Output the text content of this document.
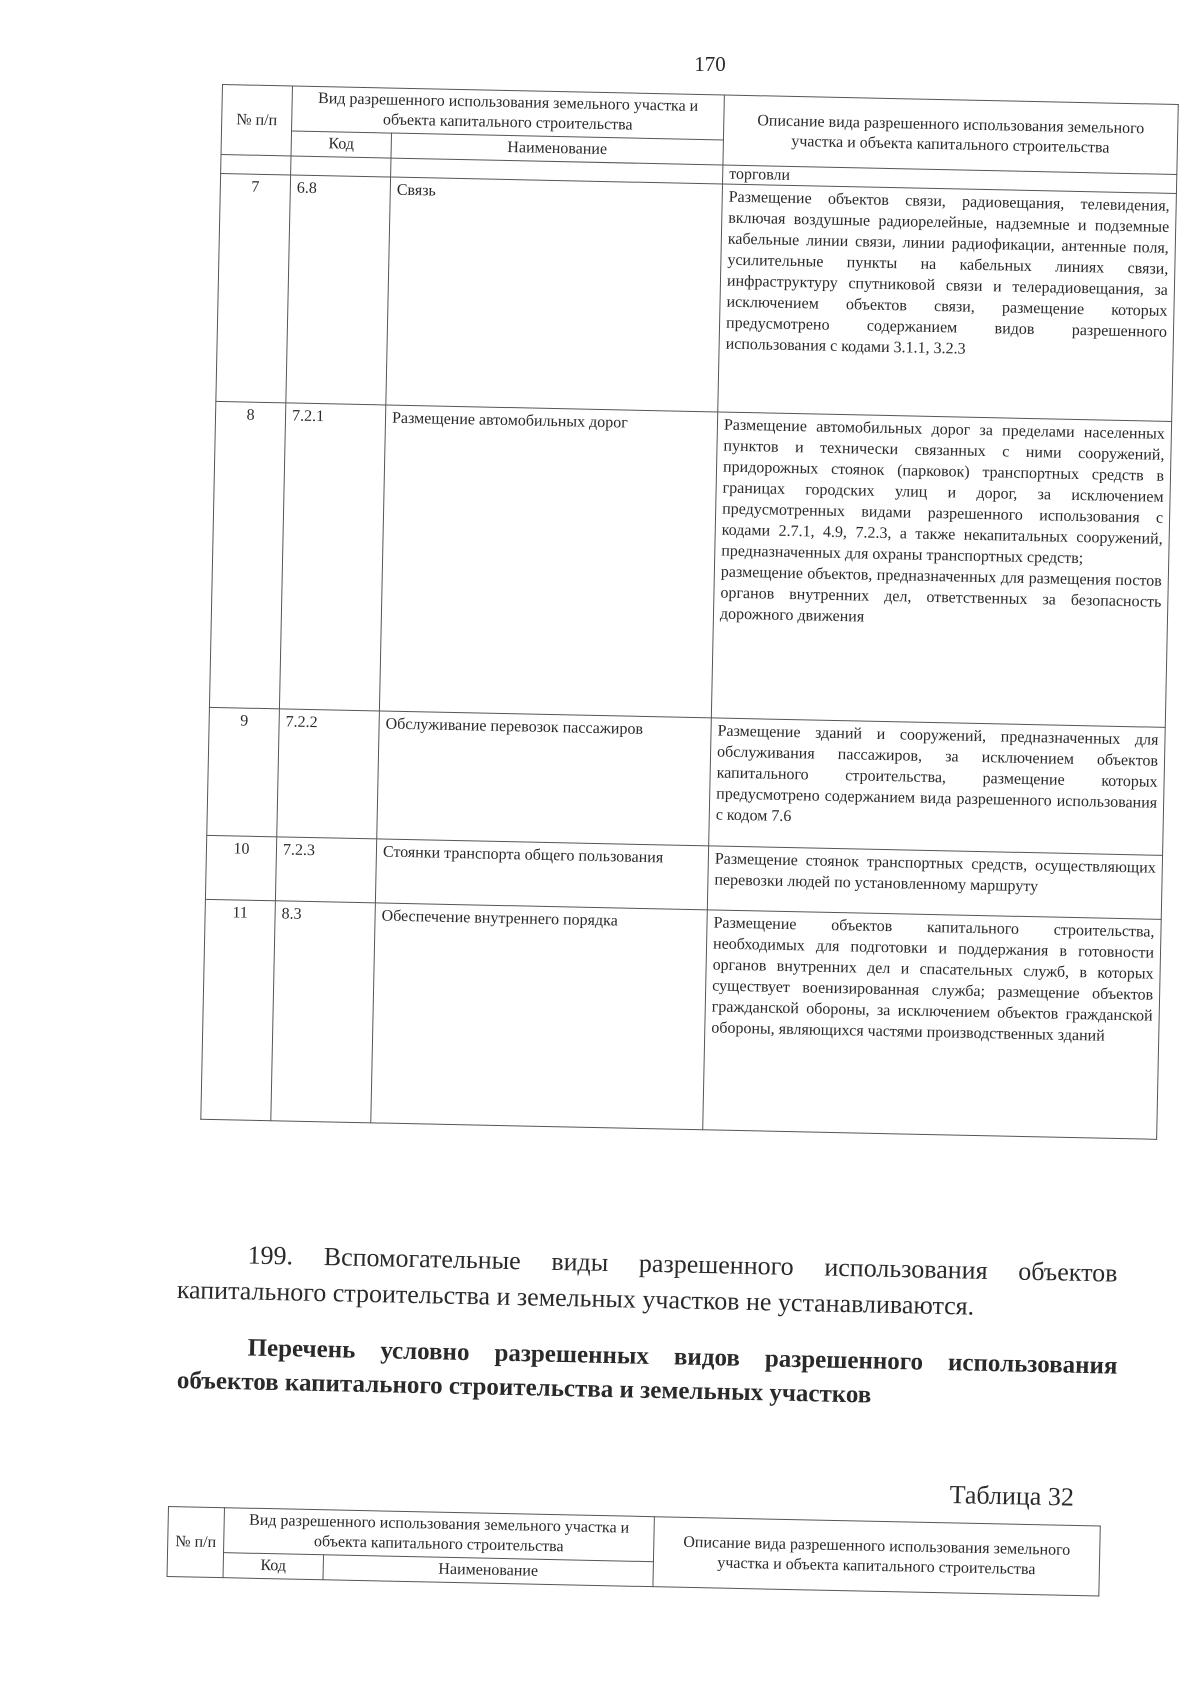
170
№ п/п	Вид разрешенного использования земельного участка и объекта капитального строительства		Описание вида разрешенного использования земельного участка и объекта капитального строительства
	Код	Наименование	
			торговли
7	6.8	Связь	Размещение объектов связи, радиовещания, телевидения, включая воздушные радиорелейные, надземные и подземные кабельные линии связи, линии радиофикации, антенные поля, усилительные пункты на кабельных линиях связи, инфраструктуру спутниковой связи и телерадиовещания, за исключением объектов связи, размещение которых предусмотрено содержанием видов разрешенного использования с кодами 3.1.1, 3.2.3
8	7.2.1	Размещение автомобильных дорог	Размещение автомобильных дорог за пределами населенных пунктов и технически связанных с ними сооружений, придорожных стоянок (парковок) транспортных средств в границах городских улиц и дорог, за исключением предусмотренных видами разрешенного использования с кодами 2.7.1, 4.9, 7.2.3, а также некапитальных сооружений, предназначенных для охраны транспортных средств;
размещение объектов, предназначенных для размещения постов органов внутренних дел, ответственных за безопасность дорожного движения

9	7.2.2	Обслуживание перевозок пассажиров	Размещение зданий и сооружений, предназначенных для обслуживания пассажиров, за исключением объектов капитального строительства, размещение которых предусмотрено содержанием вида разрешенного использования с кодом 7.6
10	7.2.3	Стоянки транспорта общего пользования	Размещение стоянок транспортных средств, осуществляющих перевозки людей по установленному маршруту
11	8.3	Обеспечение внутреннего порядка	Размещение объектов капитального строительства, необходимых для подготовки и поддержания в готовности органов внутренних дел и спасательных служб, в которых существует военизированная служба; размещение объектов гражданской обороны, за исключением объектов гражданской обороны, являющихся частями производственных зданий
199. Вспомогательные виды разрешенного использования объектов капитального строительства и земельных участков не устанавливаются.
Перечень условно разрешенных видов разрешенного использования объектов капитального строительства и земельных участков
Таблица 32
№ п/п	Вид разрешенного использования земельного участка и объекта капитального строительства		Описание вида разрешенного использования земельного участка и объекта капитального строительства
	Код	Наименование	
